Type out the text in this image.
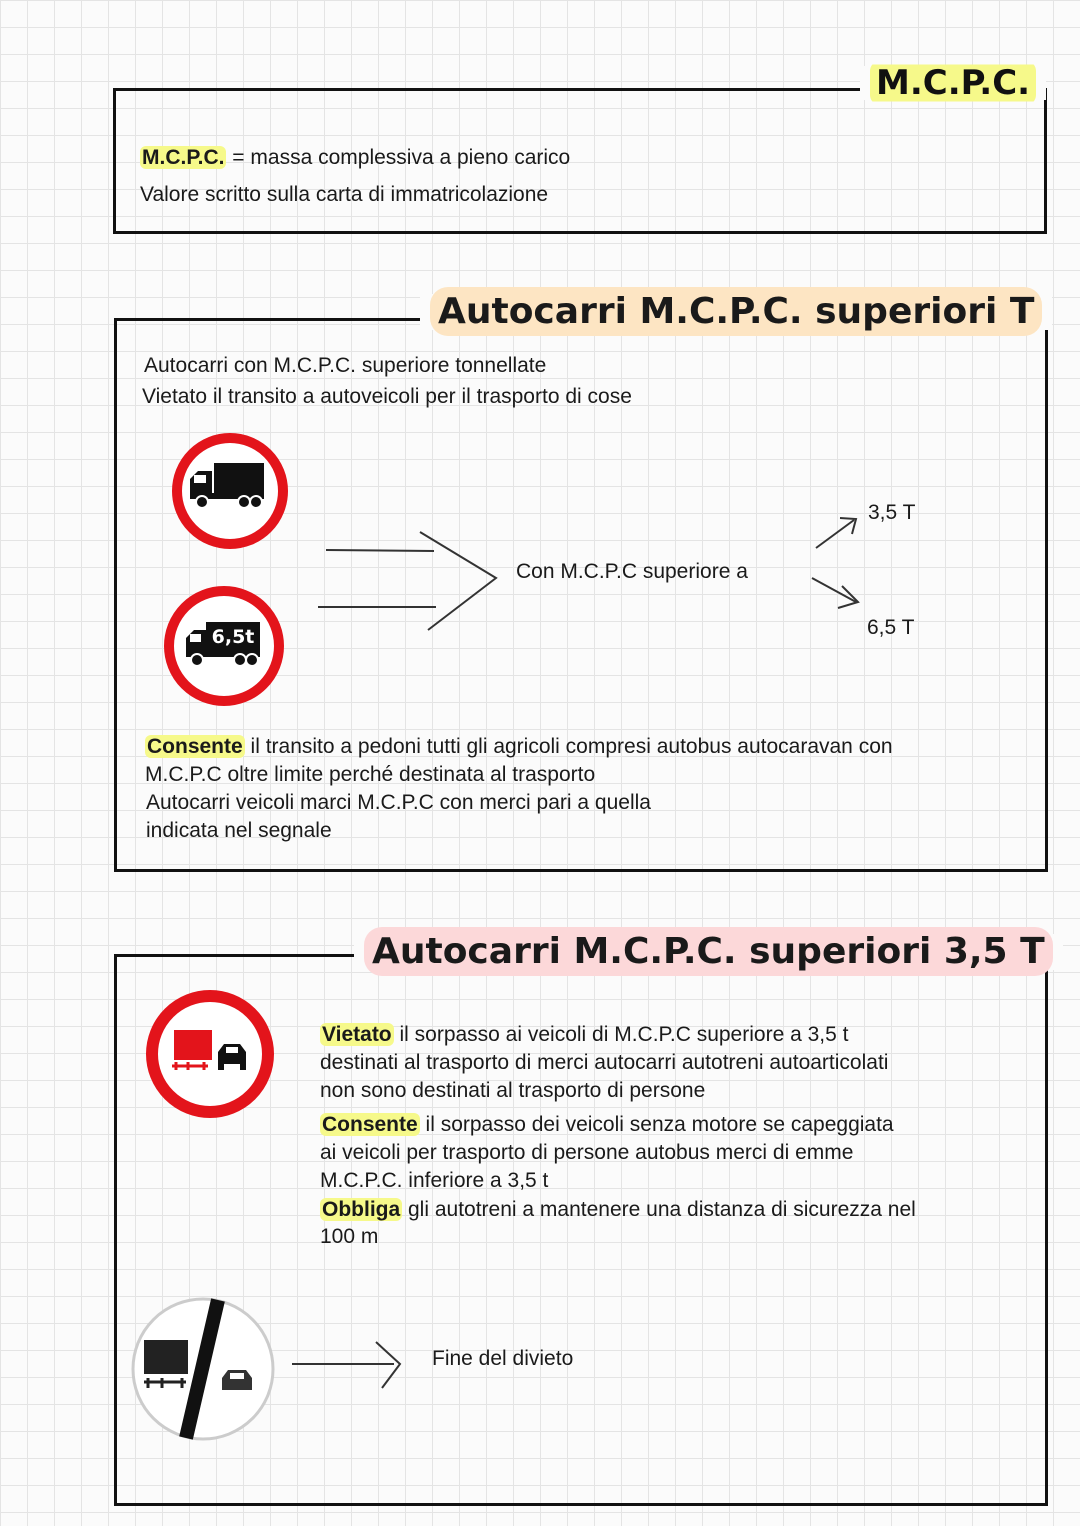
M.C.P.C.
M.C.P.C. = massa complessiva a pieno carico
Valore scritto sulla carta di immatricolazione
Autocarri M.C.P.C. superiori T
Autocarri con M.C.P.C. superiore tonnellate
Vietato il transito a autoveicoli per il trasporto di cose
6,5t
Con M.C.P.C superiore a
3,5 T
6,5 T
Consente il transito a pedoni tutti gli agricoli compresi autobus autocaravan con
M.C.P.C oltre limite perché destinata al trasporto
Autocarri veicoli marci M.C.P.C con merci pari a quella
indicata nel segnale
Autocarri M.C.P.C. superiori 3,5 T
Vietato il sorpasso ai veicoli di M.C.P.C superiore a 3,5 t
destinati al trasporto di merci autocarri autotreni autoarticolati
non sono destinati al trasporto di persone
Consente il sorpasso dei veicoli senza motore se capeggiata
ai veicoli per trasporto di persone autobus merci di emme
M.C.P.C. inferiore a 3,5 t
Obbliga gli autotreni a mantenere una distanza di sicurezza nel
100 m
Fine del divieto
